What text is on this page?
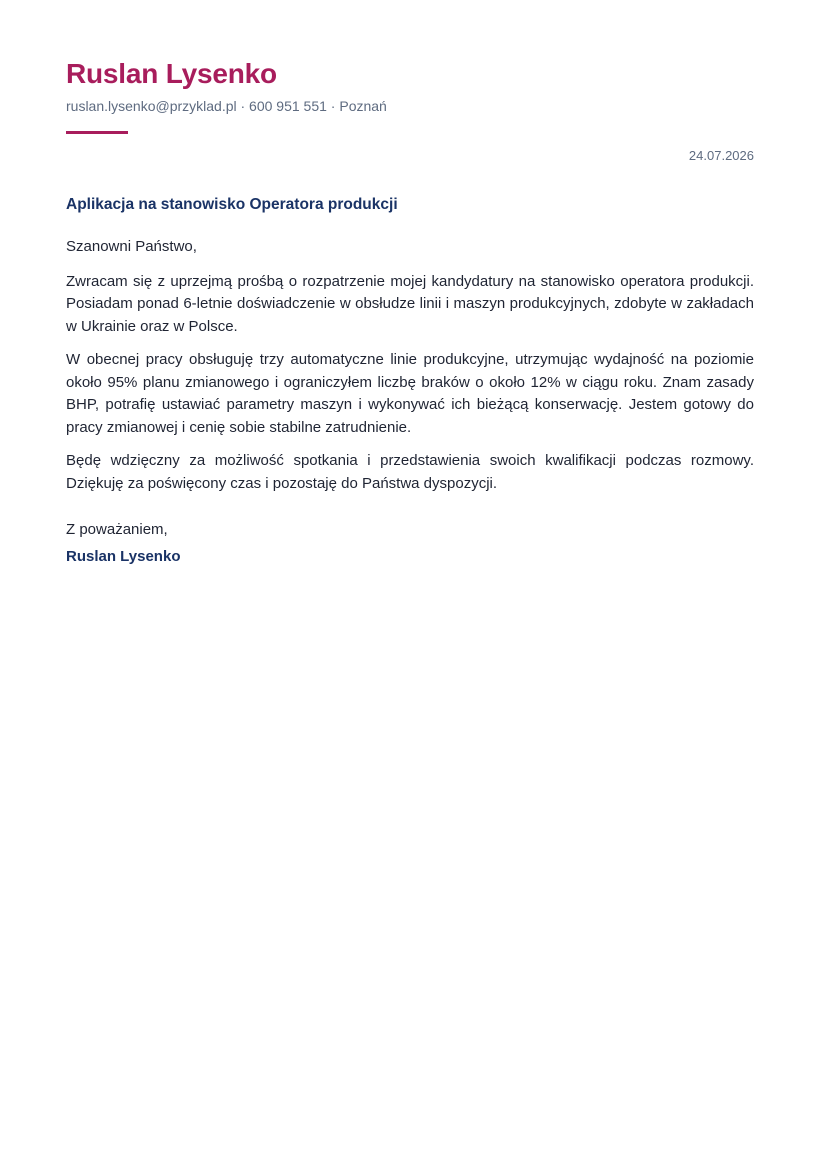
Ruslan Lysenko
ruslan.lysenko@przyklad.pl · 600 951 551 · Poznań
24.07.2026
Aplikacja na stanowisko Operatora produkcji

Szanowni Państwo,

Zwracam się z uprzejmą prośbą o rozpatrzenie mojej kandydatury na stanowisko operatora produkcji. Posiadam ponad 6-letnie doświadczenie w obsłudze linii i maszyn produkcyjnych, zdobyte w zakładach w Ukrainie oraz w Polsce.

W obecnej pracy obsługuję trzy automatyczne linie produkcyjne, utrzymując wydajność na poziomie około 95% planu zmianowego i ograniczyłem liczbę braków o około 12% w ciągu roku. Znam zasady BHP, potrafię ustawiać parametry maszyn i wykonywać ich bieżącą konserwację. Jestem gotowy do pracy zmianowej i cenię sobie stabilne zatrudnienie.

Będę wdzięczny za możliwość spotkania i przedstawienia swoich kwalifikacji podczas rozmowy. Dziękuję za poświęcony czas i pozostaję do Państwa dyspozycji.

Z poważaniem,

Ruslan Lysenko
